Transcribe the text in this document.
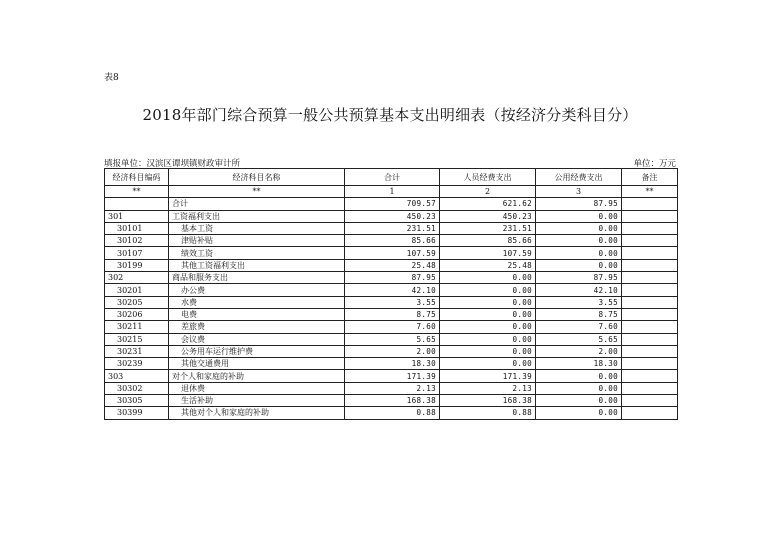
表8
2018年部门综合预算一般公共预算基本支出明细表（按经济分类科目分）
填报单位：汉滨区谭坝镇财政审计所	单位：万元
经济科目编码	经济科目名称	合计	人员经费支出	公用经费支出	备注
**	**	1	2	3	**
	合计	709.57	621.62	87.95	
301	工资福利支出	450.23	450.23	0.00	
30101	基本工资	231.51	231.51	0.00	
30102	津贴补贴	85.66	85.66	0.00	
30107	绩效工资	107.59	107.59	0.00	
30199	其他工资福利支出	25.48	25.48	0.00	
302	商品和服务支出	87.95	0.00	87.95	
30201	办公费	42.10	0.00	42.10	
30205	水费	3.55	0.00	3.55	
30206	电费	8.75	0.00	8.75	
30211	差旅费	7.60	0.00	7.60	
30215	会议费	5.65	0.00	5.65	
30231	公务用车运行维护费	2.00	0.00	2.00	
30239	其他交通费用	18.30	0.00	18.30	
303	对个人和家庭的补助	171.39	171.39	0.00	
30302	退休费	2.13	2.13	0.00	
30305	生活补助	168.38	168.38	0.00	
30399	其他对个人和家庭的补助	0.88	0.88	0.00	
